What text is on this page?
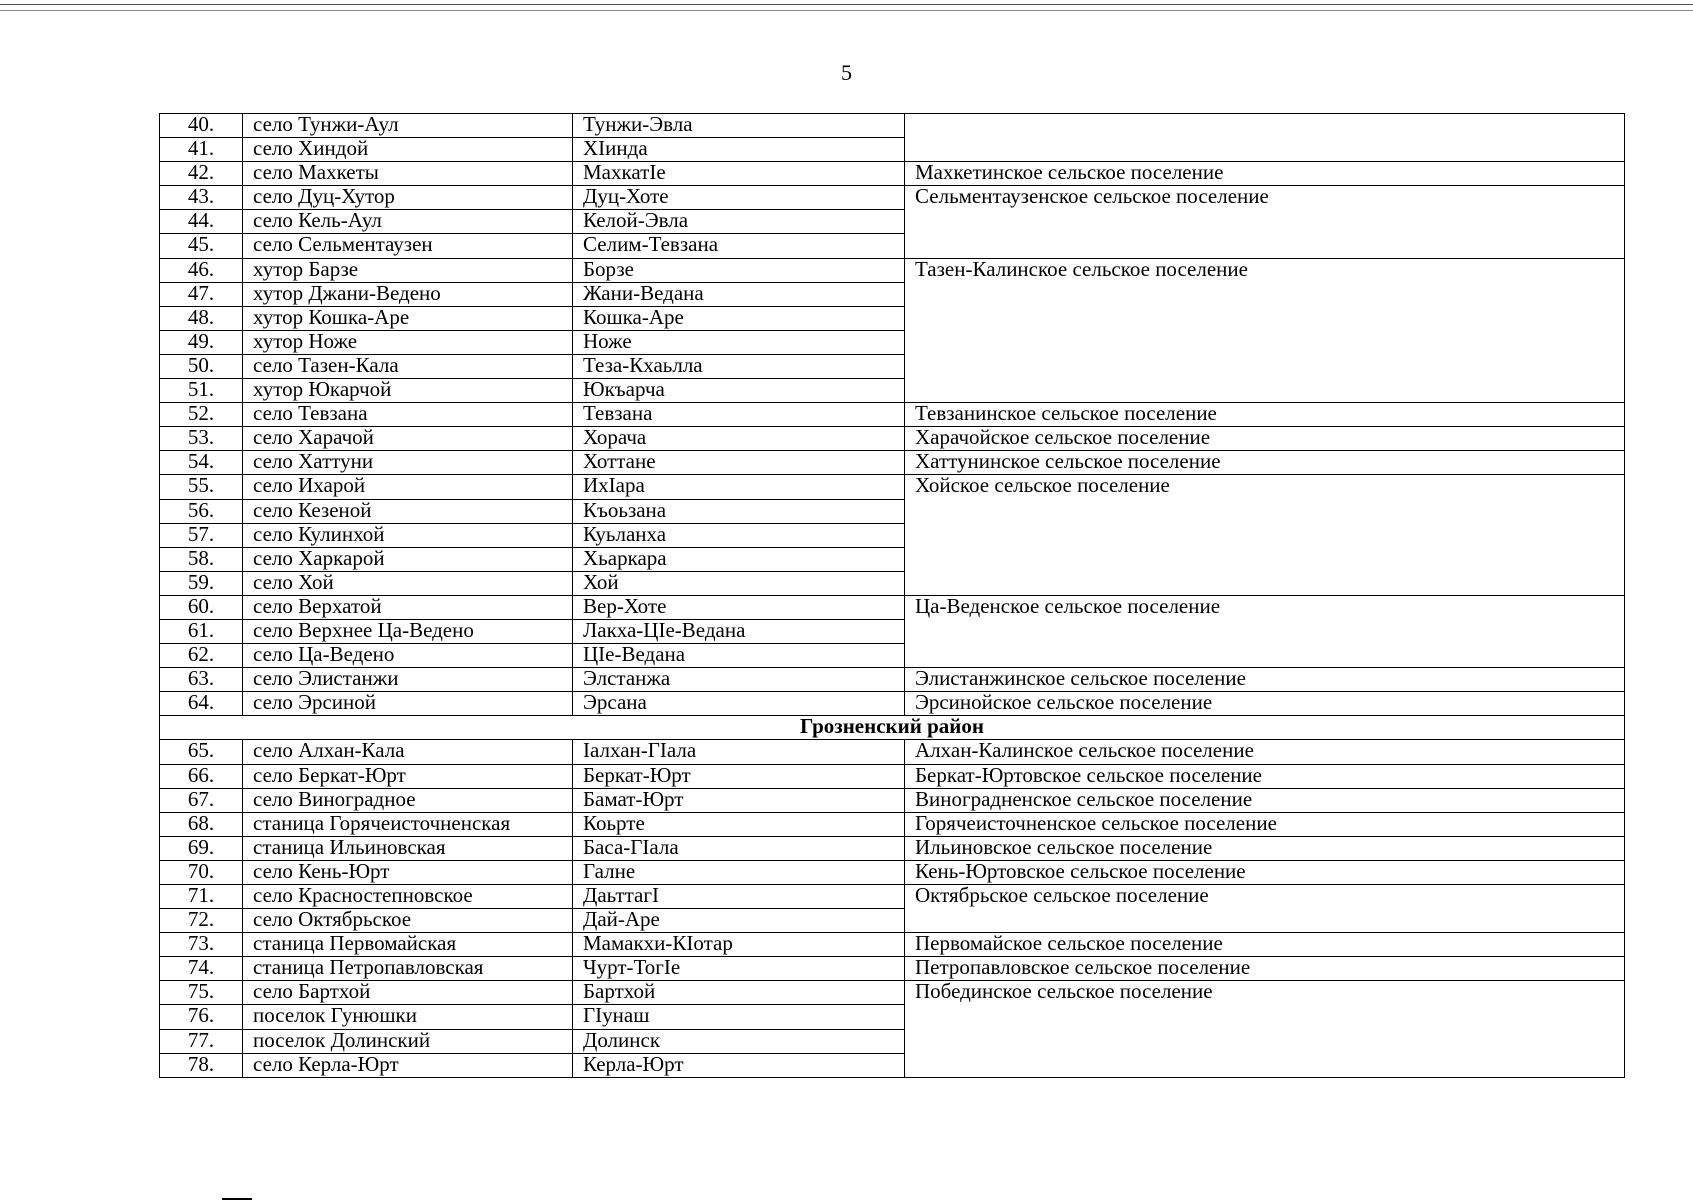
5
40.	село Тунжи-Аул	Тунжи-Эвла	
41.	село Хиндой	ХIинда	
42.	село Махкеты	МахкатIе	Махкетинское сельское поселение
43.	село Дуц-Хутор	Дуц-Хоте	Сельментаузенское сельское поселение
44.	село Кель-Аул	Келой-Эвла	
45.	село Сельментаузен	Селим-Тевзана	
46.	хутор Барзе	Борзе	Тазен-Калинское сельское поселение
47.	хутор Джани-Ведено	Жани-Ведана	
48.	хутор Кошка-Аре	Кошка-Аре	
49.	хутор Ноже	Ноже	
50.	село Тазен-Кала	Теза-Кхаьлла	
51.	хутор Юкарчой	Юкъарча	
52.	село Тевзана	Тевзана	Тевзанинское сельское поселение
53.	село Харачой	Хорача	Харачойское сельское поселение
54.	село Хаттуни	Хоттане	Хаттунинское сельское поселение
55.	село Ихарой	ИхIара	Хойское сельское поселение
56.	село Кезеной	Къоьзана	
57.	село Кулинхой	Куьланха	
58.	село Харкарой	Хьаркара	
59.	село Хой	Хой	
60.	село Верхатой	Вер-Хоте	Ца-Веденское сельское поселение
61.	село Верхнее Ца-Ведено	Лакха-ЦIе-Ведана	
62.	село Ца-Ведено	ЦIе-Ведана	
63.	село Элистанжи	Элстанжа	Элистанжинское сельское поселение
64.	село Эрсиной	Эрсана	Эрсинойское сельское поселение
Грозненский район			
65.	село Алхан-Кала	Iалхан-ГIала	Алхан-Калинское сельское поселение
66.	село Беркат-Юрт	Беркат-Юрт	Беркат-Юртовское сельское поселение
67.	село Виноградное	Бамат-Юрт	Виноградненское сельское поселение
68.	станица Горячеисточненская	Коьрте	Горячеисточненское сельское поселение
69.	станица Ильиновская	Баса-ГIала	Ильиновское сельское поселение
70.	село Кень-Юрт	Галне	Кень-Юртовское сельское поселение
71.	село Красностепновское	ДаьттагI	Октябрьское сельское поселение
72.	село Октябрьское	Дай-Аре	
73.	станица Первомайская	Мамакхи-КIотар	Первомайское сельское поселение
74.	станица Петропавловская	Чурт-ТогIе	Петропавловское сельское поселение
75.	село Бартхой	Бартхой	Побединское сельское поселение
76.	поселок Гунюшки	ГIунаш	
77.	поселок Долинский	Долинск	
78.	село Керла-Юрт	Керла-Юрт	
